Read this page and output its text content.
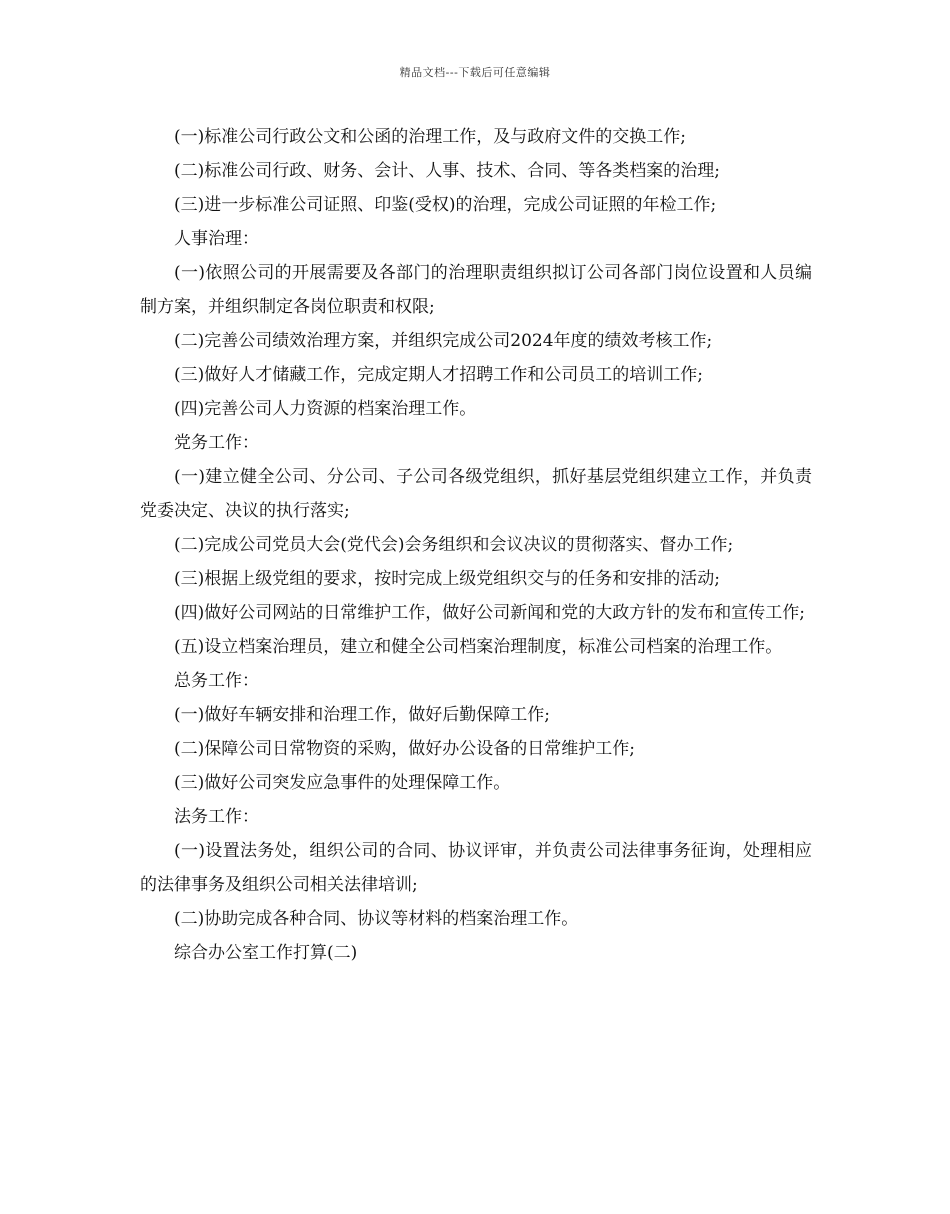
精品文档---下载后可任意编辑

(一)标准公司行政公文和公函的治理工作，及与政府文件的交换工作;

(二)标准公司行政、财务、会计、人事、技术、合同、等各类档案的治理;

(三)进一步标准公司证照、印鉴(受权)的治理，完成公司证照的年检工作;

人事治理：

(一)依照公司的开展需要及各部门的治理职责组织拟订公司各部门岗位设置和人员编制方案，并组织制定各岗位职责和权限;

(二)完善公司绩效治理方案，并组织完成公司2024年度的绩效考核工作;

(三)做好人才储藏工作，完成定期人才招聘工作和公司员工的培训工作;

(四)完善公司人力资源的档案治理工作。

党务工作：

(一)建立健全公司、分公司、子公司各级党组织，抓好基层党组织建立工作，并负责党委决定、决议的执行落实;

(二)完成公司党员大会(党代会)会务组织和会议决议的贯彻落实、督办工作;

(三)根据上级党组的要求，按时完成上级党组织交与的任务和安排的活动;

(四)做好公司网站的日常维护工作，做好公司新闻和党的大政方针的发布和宣传工作;

(五)设立档案治理员，建立和健全公司档案治理制度，标准公司档案的治理工作。

总务工作：

(一)做好车辆安排和治理工作，做好后勤保障工作;

(二)保障公司日常物资的采购，做好办公设备的日常维护工作;

(三)做好公司突发应急事件的处理保障工作。

法务工作：

(一)设置法务处，组织公司的合同、协议评审，并负责公司法律事务征询，处理相应的法律事务及组织公司相关法律培训;

(二)协助完成各种合同、协议等材料的档案治理工作。

综合办公室工作打算(二)
